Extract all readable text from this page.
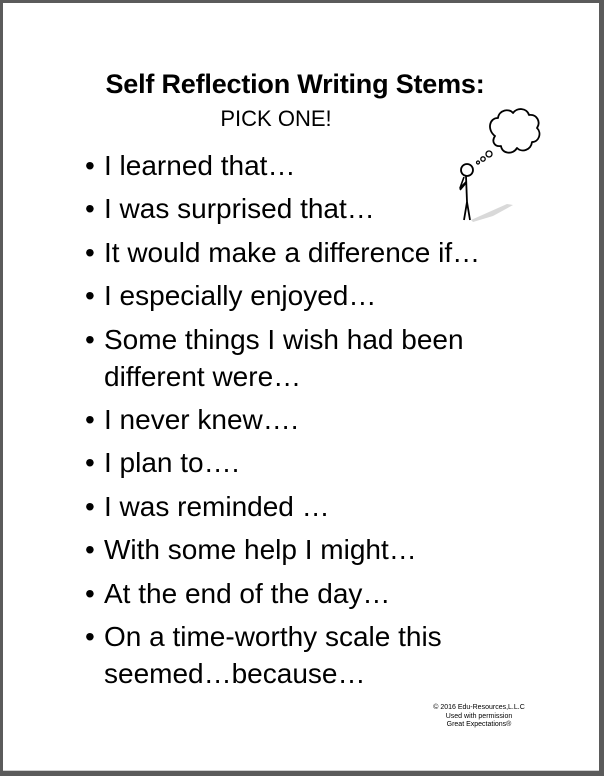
Self Reflection Writing Stems:
PICK ONE!
• I learned that…
• I was surprised that…
• It would make a difference if…
• I especially enjoyed…
• Some things I wish had been
different were…
• I never knew….
• I plan to….
• I was reminded …
• With some help I might…
• At the end of the day…
• On a time-worthy scale this
seemed…because…
© 2016 Edu-Resources,L.L.C
Used with permission
Great Expectations®
